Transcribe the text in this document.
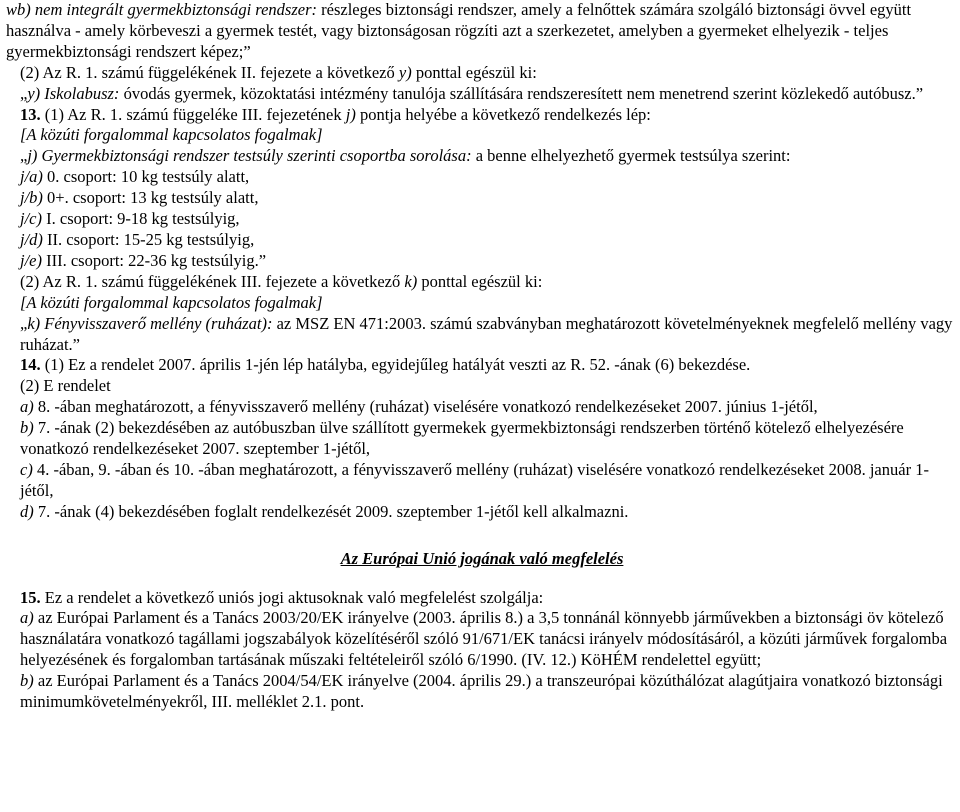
wb) nem integrált gyermekbiztonsági rendszer: részleges biztonsági rendszer, amely a felnőttek számára szolgáló biztonsági övvel együtt használva - amely körbeveszi a gyermek testét, vagy biztonságosan rögzíti azt a szerkezetet, amelyben a gyermeket elhelyezik - teljes gyermekbiztonsági rendszert képez;”

(2) Az R. 1. számú függelékének II. fejezete a következő y) ponttal egészül ki:

„y) Iskolabusz: óvodás gyermek, közoktatási intézmény tanulója szállítására rendszeresített nem menetrend szerint közlekedő autóbusz.”

13. (1) Az R. 1. számú függeléke III. fejezetének j) pontja helyébe a következő rendelkezés lép:

[A közúti forgalommal kapcsolatos fogalmak]

„j) Gyermekbiztonsági rendszer testsúly szerinti csoportba sorolása: a benne elhelyezhető gyermek testsúlya szerint:

j/a) 0. csoport: 10 kg testsúly alatt,

j/b) 0+. csoport: 13 kg testsúly alatt,

j/c) I. csoport: 9-18 kg testsúlyig,

j/d) II. csoport: 15-25 kg testsúlyig,

j/e) III. csoport: 22-36 kg testsúlyig.”

(2) Az R. 1. számú függelékének III. fejezete a következő k) ponttal egészül ki:

[A közúti forgalommal kapcsolatos fogalmak]

„k) Fényvisszaverő mellény (ruházat): az MSZ EN 471:2003. számú szabványban meghatározott követelményeknek megfelelő mellény vagy ruházat.”

14. (1) Ez a rendelet 2007. április 1-jén lép hatályba, egyidejűleg hatályát veszti az R. 52. -ának (6) bekezdése.

(2) E rendelet

a) 8. -ában meghatározott, a fényvisszaverő mellény (ruházat) viselésére vonatkozó rendelkezéseket 2007. június 1-jétől,

b) 7. -ának (2) bekezdésében az autóbuszban ülve szállított gyermekek gyermekbiztonsági rendszerben történő kötelező elhelyezésére vonatkozó rendelkezéseket 2007. szeptember 1-jétől,

c) 4. -ában, 9. -ában és 10. -ában meghatározott, a fényvisszaverő mellény (ruházat) viselésére vonatkozó rendelkezéseket 2008. január 1-jétől,

d) 7. -ának (4) bekezdésében foglalt rendelkezését 2009. szeptember 1-jétől kell alkalmazni.

Az Európai Unió jogának való megfelelés

15. Ez a rendelet a következő uniós jogi aktusoknak való megfelelést szolgálja:

a) az Európai Parlament és a Tanács 2003/20/EK irányelve (2003. április 8.) a 3,5 tonnánál könnyebb járművekben a biztonsági öv kötelező használatára vonatkozó tagállami jogszabályok közelítéséről szóló 91/671/EK tanácsi irányelv módosításáról, a közúti járművek forgalomba helyezésének és forgalomban tartásának műszaki feltételeiről szóló 6/1990. (IV. 12.) KöHÉM rendelettel együtt;

b) az Európai Parlament és a Tanács 2004/54/EK irányelve (2004. április 29.) a transzeurópai közúthálózat alagútjaira vonatkozó biztonsági minimumkövetelményekről, III. melléklet 2.1. pont.
